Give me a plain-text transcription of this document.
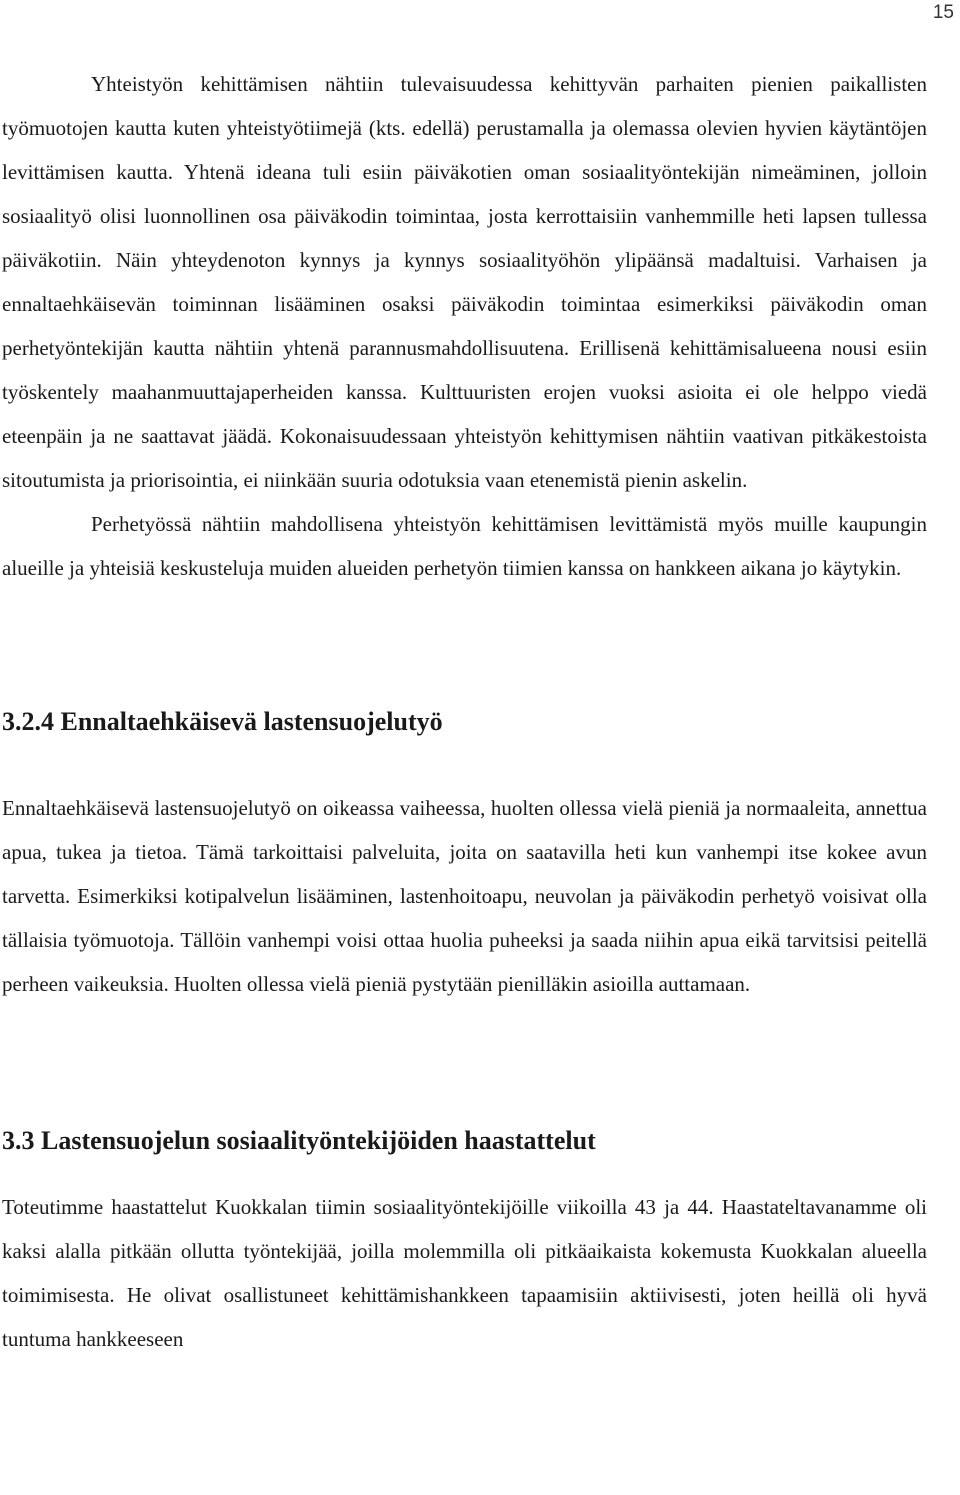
15

Yhteistyön kehittämisen nähtiin tulevaisuudessa kehittyvän parhaiten pienien paikallisten työmuotojen kautta kuten yhteistyötiimejä (kts. edellä) perustamalla ja olemassa olevien hyvien käytäntöjen levittämisen kautta. Yhtenä ideana tuli esiin päiväkotien oman sosiaalityöntekijän nimeäminen, jolloin sosiaalityö olisi luonnollinen osa päiväkodin toimintaa, josta kerrottaisiin vanhemmille heti lapsen tullessa päiväkotiin. Näin yhteydenoton kynnys ja kynnys sosiaalityöhön ylipäänsä madaltuisi. Varhaisen ja ennaltaehkäisevän toiminnan lisääminen osaksi päiväkodin toimintaa esimerkiksi päiväkodin oman perhetyöntekijän kautta nähtiin yhtenä parannusmahdollisuutena. Erillisenä kehittämisalueena nousi esiin työskentely maahanmuuttajaperheiden kanssa. Kulttuuristen erojen vuoksi asioita ei ole helppo viedä eteenpäin ja ne saattavat jäädä. Kokonaisuudessaan yhteistyön kehittymisen nähtiin vaativan pitkäkestoista sitoutumista ja priorisointia, ei niinkään suuria odotuksia vaan etenemistä pienin askelin.

Perhetyössä nähtiin mahdollisena yhteistyön kehittämisen levittämistä myös muille kaupungin alueille ja yhteisiä keskusteluja muiden alueiden perhetyön tiimien kanssa on hankkeen aikana jo käytykin.

3.2.4 Ennaltaehkäisevä lastensuojelutyö

Ennaltaehkäisevä lastensuojelutyö on oikeassa vaiheessa, huolten ollessa vielä pieniä ja normaaleita, annettua apua, tukea ja tietoa. Tämä tarkoittaisi palveluita, joita on saatavilla heti kun vanhempi itse kokee avun tarvetta. Esimerkiksi kotipalvelun lisääminen, lastenhoitoapu, neuvolan ja päiväkodin perhetyö voisivat olla tällaisia työmuotoja. Tällöin vanhempi voisi ottaa huolia puheeksi ja saada niihin apua eikä tarvitsisi peitellä perheen vaikeuksia. Huolten ollessa vielä pieniä pystytään pienilläkin asioilla auttamaan.

3.3 Lastensuojelun sosiaalityöntekijöiden haastattelut

Toteutimme haastattelut Kuokkalan tiimin sosiaalityöntekijöille viikoilla 43 ja 44. Haastateltavanamme oli kaksi alalla pitkään ollutta työntekijää, joilla molemmilla oli pitkäaikaista kokemusta Kuokkalan alueella toimimisesta. He olivat osallistuneet kehittämishankkeen tapaamisiin aktiivisesti, joten heillä oli hyvä tuntuma hankkeeseen
